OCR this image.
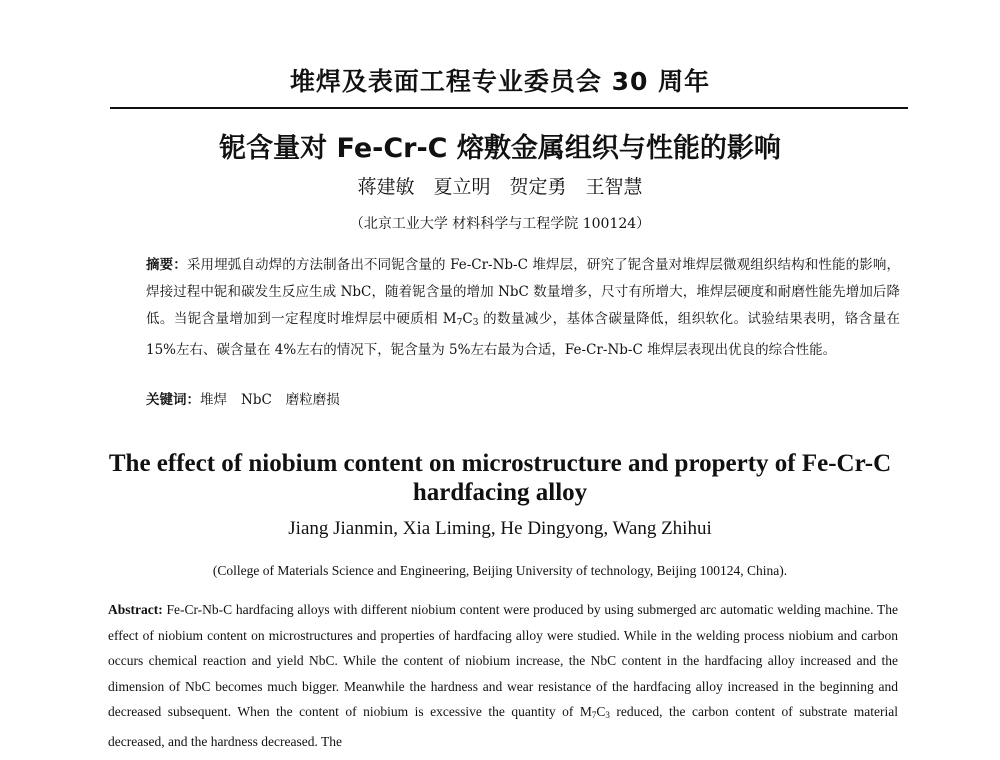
堆焊及表面工程专业委员会 30 周年
铌含量对 Fe-Cr-C 熔敷金属组织与性能的影响
蒋建敏　夏立明　贺定勇　王智慧
（北京工业大学 材料科学与工程学院 100124）
摘要：采用埋弧自动焊的方法制备出不同铌含量的 Fe-Cr-Nb-C 堆焊层，研究了铌含量对堆焊层微观组织结构和性能的影响，焊接过程中铌和碳发生反应生成 NbC，随着铌含量的增加 NbC 数量增多，尺寸有所增大，堆焊层硬度和耐磨性能先增加后降低。当铌含量增加到一定程度时堆焊层中硬质相 $M_7C_3$ 的数量减少，基体含碳量降低，组织软化。试验结果表明，铬含量在 15%左右、碳含量在 4%左右的情况下，铌含量为 5%左右最为合适，Fe-Cr-Nb-C 堆焊层表现出优良的综合性能。
关键词：堆焊 NbC 磨粒磨损
The effect of niobium content on microstructure and property of Fe-Cr-C hardfacing alloy
Jiang Jianmin, Xia Liming, He Dingyong, Wang Zhihui
(College of Materials Science and Engineering, Beijing University of technology, Beijing 100124, China).
Abstract: Fe-Cr-Nb-C hardfacing alloys with different niobium content were produced by using submerged arc automatic welding machine. The effect of niobium content on microstructures and properties of hardfacing alloy were studied. While in the welding process niobium and carbon occurs chemical reaction and yield NbC. While the content of niobium increase, the NbC content in the hardfacing alloy increased and the dimension of NbC becomes much bigger. Meanwhile the hardness and wear resistance of the hardfacing alloy increased in the beginning and decreased subsequent. When the content of niobium is excessive the quantity of $M_7C_3$ reduced, the carbon content of substrate material decreased, and the hardness decreased. The
